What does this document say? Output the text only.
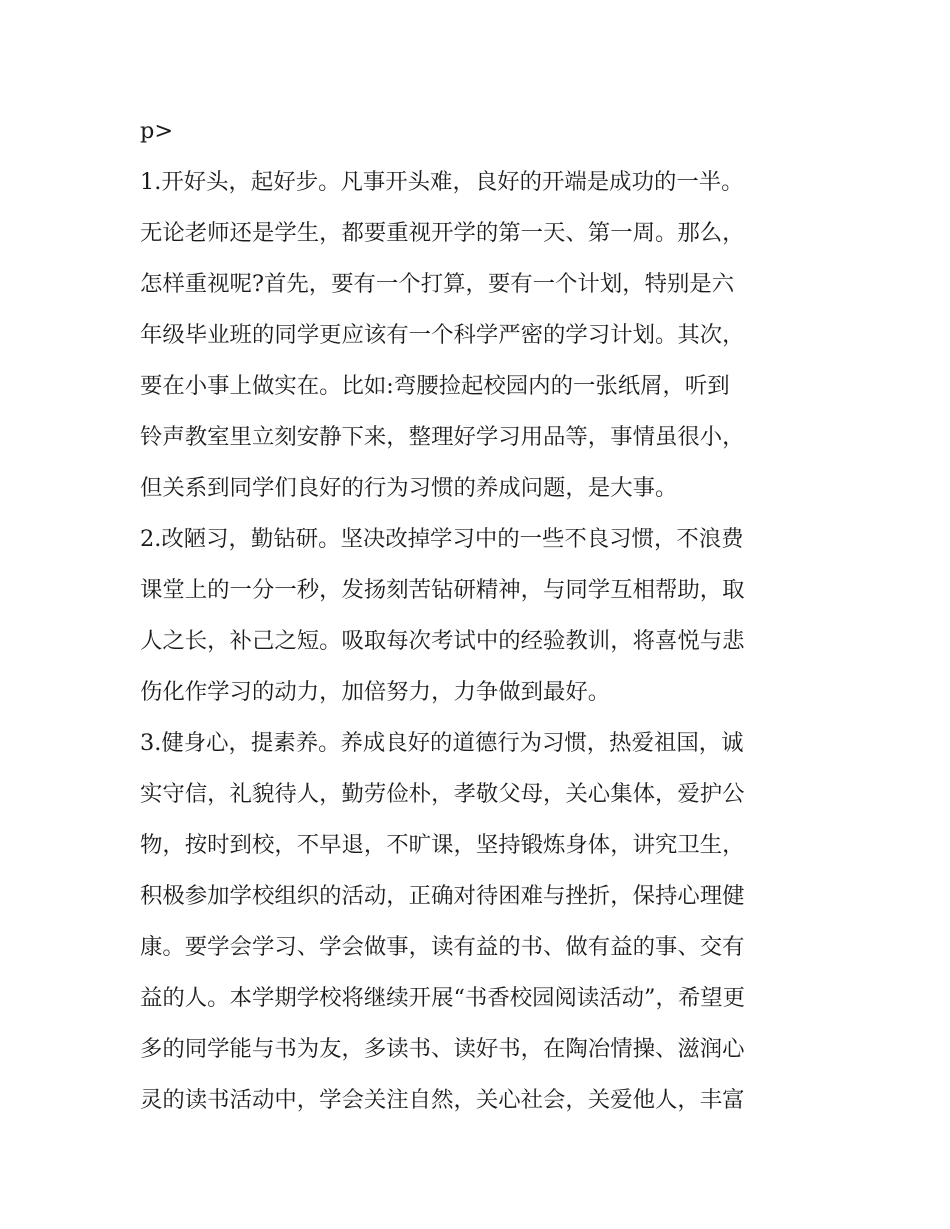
p>
1.开好头，起好步。凡事开头难，良好的开端是成功的一半。
无论老师还是学生，都要重视开学的第一天、第一周。那么，
怎样重视呢?首先，要有一个打算，要有一个计划，特别是六
年级毕业班的同学更应该有一个科学严密的学习计划。其次，
要在小事上做实在。比如:弯腰捡起校园内的一张纸屑，听到
铃声教室里立刻安静下来，整理好学习用品等，事情虽很小，
但关系到同学们良好的行为习惯的养成问题，是大事。
2.改陋习，勤钻研。坚决改掉学习中的一些不良习惯，不浪费
课堂上的一分一秒，发扬刻苦钻研精神，与同学互相帮助，取
人之长，补己之短。吸取每次考试中的经验教训，将喜悦与悲
伤化作学习的动力，加倍努力，力争做到最好。
3.健身心，提素养。养成良好的道德行为习惯，热爱祖国，诚
实守信，礼貌待人，勤劳俭朴，孝敬父母，关心集体，爱护公
物，按时到校，不早退，不旷课，坚持锻炼身体，讲究卫生，
积极参加学校组织的活动，正确对待困难与挫折，保持心理健
康。要学会学习、学会做事，读有益的书、做有益的事、交有
益的人。本学期学校将继续开展“书香校园阅读活动”，希望更
多的同学能与书为友，多读书、读好书，在陶冶情操、滋润心
灵的读书活动中，学会关注自然，关心社会，关爱他人，丰富
